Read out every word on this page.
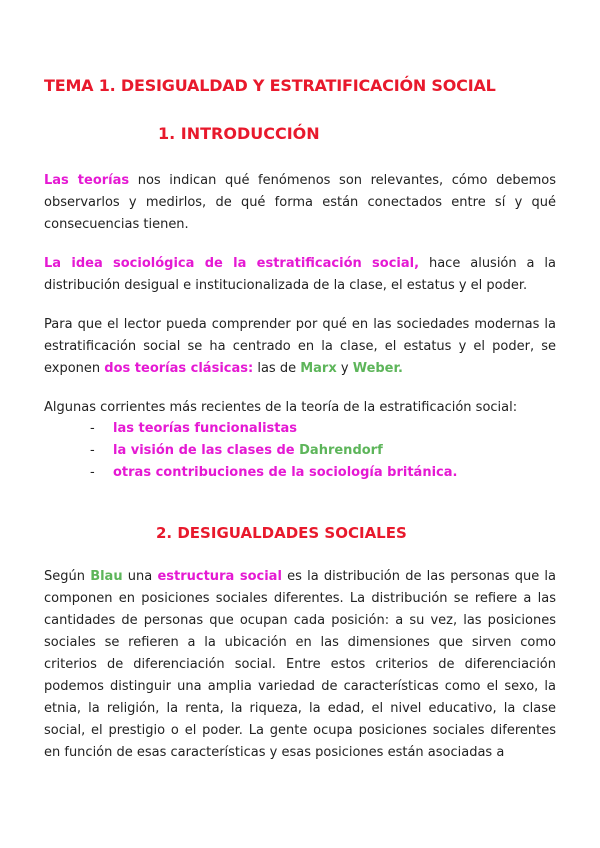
TEMA 1. DESIGUALDAD Y ESTRATIFICACIÓN SOCIAL
1. INTRODUCCIÓN

Las teorías nos indican qué fenómenos son relevantes, cómo debemos observarlos y medirlos, de qué forma están conectados entre sí y qué consecuencias tienen.

La idea sociológica de la estratificación social, hace alusión a la distribución desigual e institucionalizada de la clase, el estatus y el poder.

Para que el lector pueda comprender por qué en las sociedades modernas la estratificación social se ha centrado en la clase, el estatus y el poder, se exponen dos teorías clásicas: las de Marx y Weber.

Algunas corrientes más recientes de la teoría de la estratificación social:

-	las teorías funcionalistas
-	la visión de las clases de Dahrendorf
-	otras contribuciones de la sociología británica.
2. DESIGUALDADES SOCIALES

Según Blau una estructura social es la distribución de las personas que la componen en posiciones sociales diferentes. La distribución se refiere a las cantidades de personas que ocupan cada posición: a su vez, las posiciones sociales se refieren a la ubicación en las dimensiones que sirven como criterios de diferenciación social. Entre estos criterios de diferenciación podemos distinguir una amplia variedad de características como el sexo, la etnia, la religión, la renta, la riqueza, la edad, el nivel educativo, la clase social, el prestigio o el poder. La gente ocupa posiciones sociales diferentes en función de esas características y esas posiciones están asociadas a
